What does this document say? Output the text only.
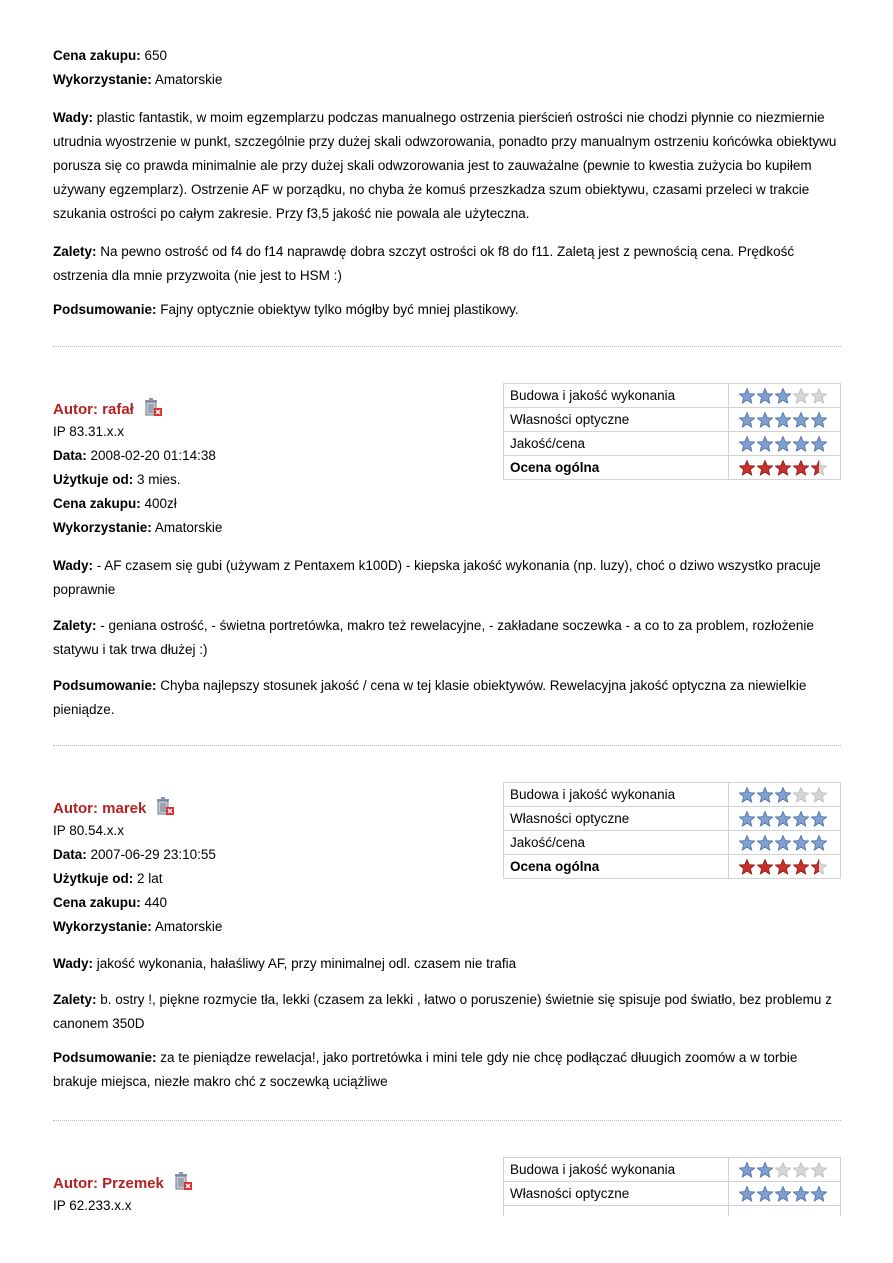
Cena zakupu: 650
Wykorzystanie: Amatorskie
Wady: plastic fantastik, w moim egzemplarzu podczas manualnego ostrzenia pierścień ostrości nie chodzi płynnie co niezmiernie utrudnia wyostrzenie w punkt, szczególnie przy dużej skali odwzorowania, ponadto przy manualnym ostrzeniu końcówka obiektywu porusza się co prawda minimalnie ale przy dużej skali odwzorowania jest to zauważalne (pewnie to kwestia zużycia bo kupiłem używany egzemplarz). Ostrzenie AF w porządku, no chyba że komuś przeszkadza szum obiektywu, czasami przeleci w trakcie szukania ostrości po całym zakresie. Przy f3,5 jakość nie powala ale użyteczna.
Zalety: Na pewno ostrość od f4 do f14 naprawdę dobra szczyt ostrości ok f8 do f11. Zaletą jest z pewnością cena. Prędkość ostrzenia dla mnie przyzwoita (nie jest to HSM :)
Podsumowanie: Fajny optycznie obiektyw tylko mógłby być mniej plastikowy.
Autor: rafał
IP 83.31.x.x
Data: 2008-02-20 01:14:38
Użytkuje od: 3 mies.
Cena zakupu: 400zł
Wykorzystanie: Amatorskie
Budowa i jakość wykonania	

Własności optyczne	

Jakość/cena	

Ocena ogólna	
Wady: - AF czasem się gubi (używam z Pentaxem k100D) - kiepska jakość wykonania (np. luzy), choć o dziwo wszystko pracuje poprawnie
Zalety: - geniana ostrość, - świetna portretówka, makro też rewelacyjne, - zakładane soczewka - a co to za problem, rozłożenie statywu i tak trwa dłużej :)
Podsumowanie: Chyba najlepszy stosunek jakość / cena w tej klasie obiektywów. Rewelacyjna jakość optyczna za niewielkie pieniądze.
Autor: marek
IP 80.54.x.x
Data: 2007-06-29 23:10:55
Użytkuje od: 2 lat
Cena zakupu: 440
Wykorzystanie: Amatorskie
Budowa i jakość wykonania	

Własności optyczne	

Jakość/cena	

Ocena ogólna	
Wady: jakość wykonania, hałaśliwy AF, przy minimalnej odl. czasem nie trafia
Zalety: b. ostry !, piękne rozmycie tła, lekki (czasem za lekki , łatwo o poruszenie) świetnie się spisuje pod światło, bez problemu z canonem 350D
Podsumowanie: za te pieniądze rewelacja!, jako portretówka i mini tele gdy nie chcę podłączać dłuugich zoomów a w torbie brakuje miejsca, niezłe makro chć z soczewką uciążliwe
Autor: Przemek
IP 62.233.x.x
Budowa i jakość wykonania	

Własności optyczne	
